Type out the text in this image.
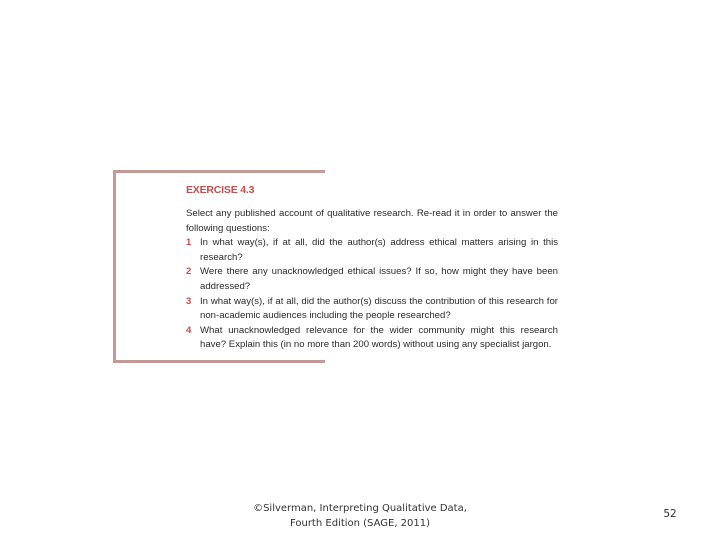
EXERCISE 4.3

Select any published account of qualitative research. Re-read it in order to answer the following questions:

1 In what way(s), if at all, did the author(s) address ethical matters arising in this research?

2 Were there any unacknowledged ethical issues? If so, how might they have been addressed?

3 In what way(s), if at all, did the author(s) discuss the contribution of this research for non-academic audiences including the people researched?

4 What unacknowledged relevance for the wider community might this research have? Explain this (in no more than 200 words) without using any specialist jargon.

©Silverman, Interpreting Qualitative Data,
Fourth Edition (SAGE, 2011)
52
